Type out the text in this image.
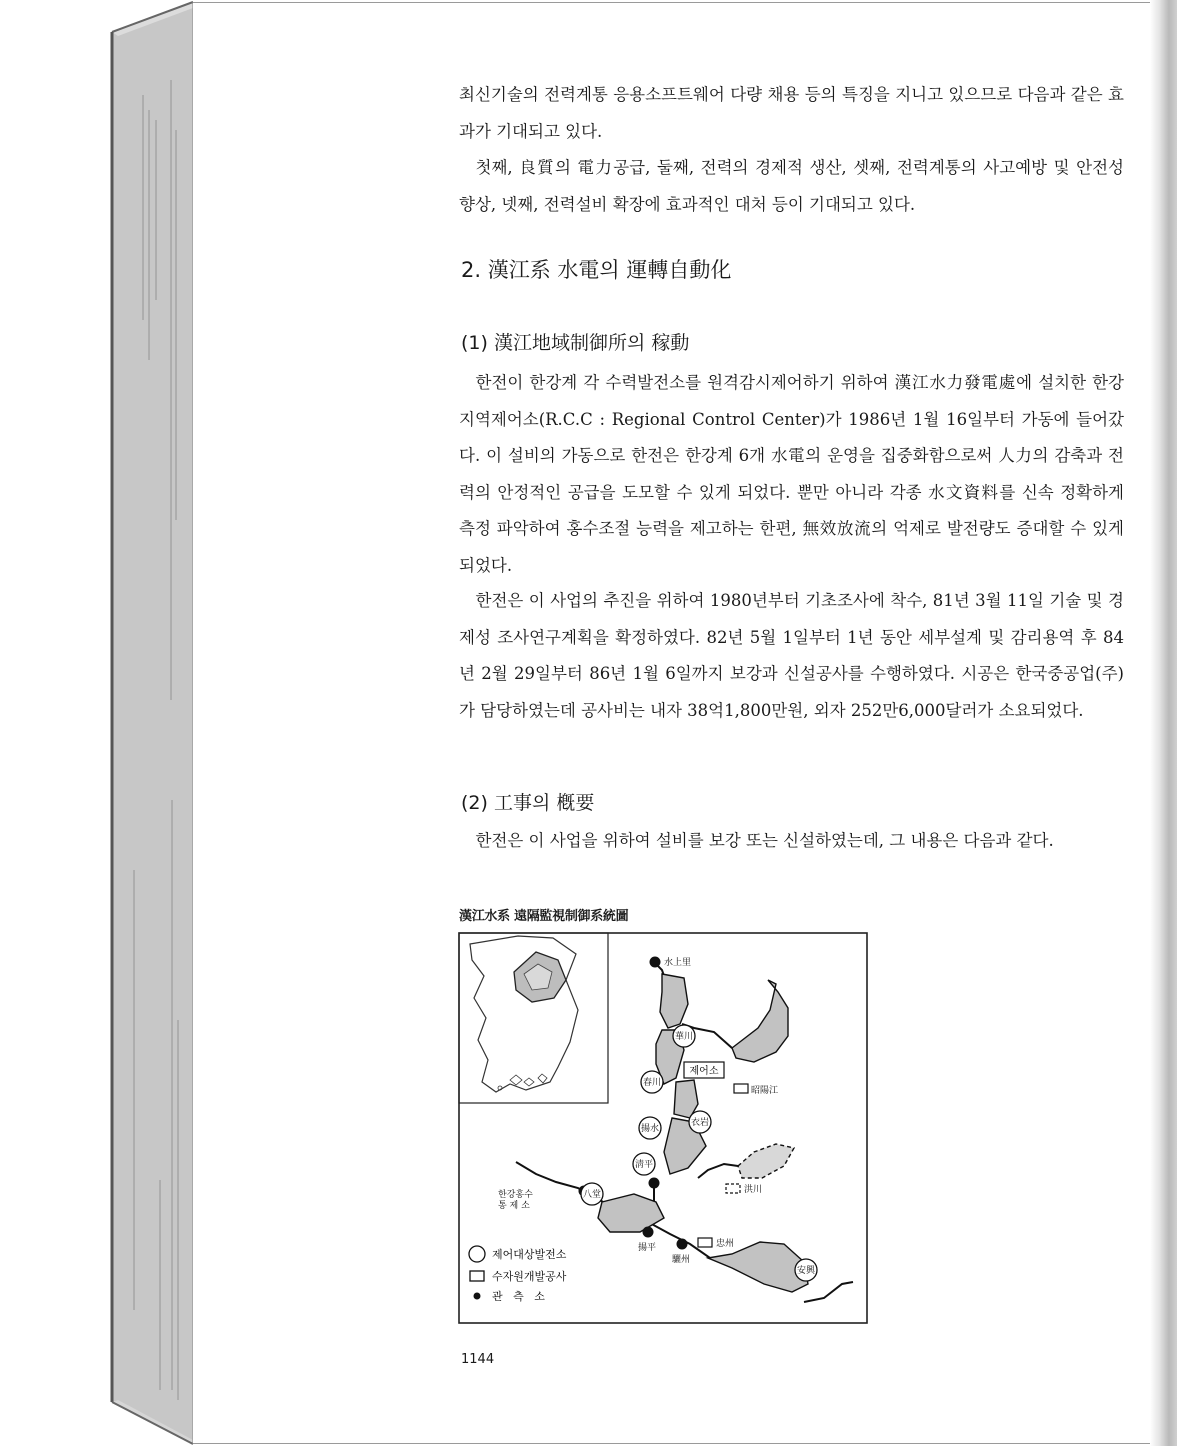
최신기술의 전력계통 응용소프트웨어 다량 채용 등의 특징을 지니고 있으므로 다음과 같은 효과가 기대되고 있다.

첫째, 良質의 電力공급, 둘째, 전력의 경제적 생산, 셋째, 전력계통의 사고예방 및 안전성 향상, 넷째, 전력설비 확장에 효과적인 대처 등이 기대되고 있다.

2. 漢江系 水電의 運轉自動化
(1) 漢江地域制御所의 稼動

한전이 한강계 각 수력발전소를 원격감시제어하기 위하여 漢江水力發電處에 설치한 한강지역제어소(R.C.C : Regional Control Center)가 1986년 1월 16일부터 가동에 들어갔다. 이 설비의 가동으로 한전은 한강계 6개 水電의 운영을 집중화함으로써 人力의 감축과 전력의 안정적인 공급을 도모할 수 있게 되었다. 뿐만 아니라 각종 水文資料를 신속 정확하게 측정 파악하여 홍수조절 능력을 제고하는 한편, 無效放流의 억제로 발전량도 증대할 수 있게 되었다.

한전은 이 사업의 추진을 위하여 1980년부터 기초조사에 착수, 81년 3월 11일 기술 및 경제성 조사연구계획을 확정하였다. 82년 5월 1일부터 1년 동안 세부설계 및 감리용역 후 84년 2월 29일부터 86년 1월 6일까지 보강과 신설공사를 수행하였다. 시공은 한국중공업(주)가 담당하였는데 공사비는 내자 38억1,800만원, 외자 252만6,000달러가 소요되었다.

(2) 工事의 槪要

한전은 이 사업을 위하여 설비를 보강 또는 신설하였는데, 그 내용은 다음과 같다.

漢江水系 遠隔監視制御系統圖
제어소
水上里
華川
春川
昭陽江
衣岩
揚水
淸平
洪川
八堂
揚平
驪州
忠州
安興
한강홍수 통 제 소
제어대상발전소
수자원개발공사
관   측   소
1144
